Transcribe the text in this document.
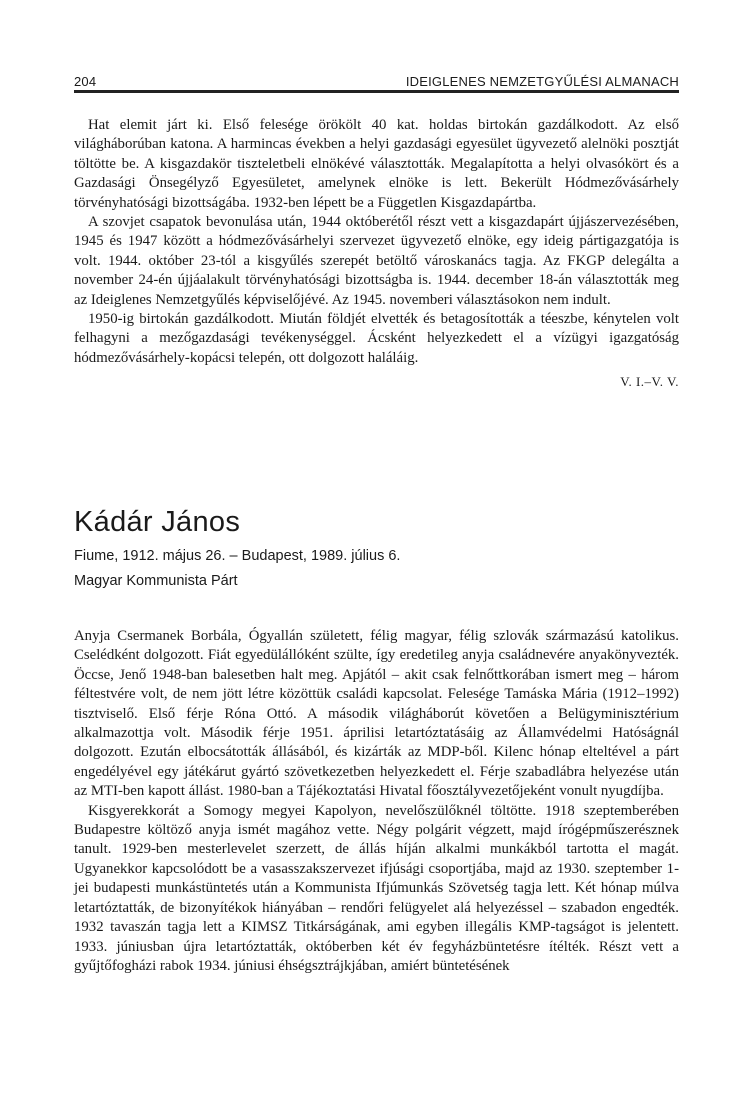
204	IDEIGLENES NEMZETGYŰLÉSI ALMANACH

Hat elemit járt ki. Első felesége örökölt 40 kat. holdas birtokán gazdálkodott. Az első világháborúban katona. A harmincas években a helyi gazdasági egyesület ügyvezető alelnöki posztját töltötte be. A kisgazdakör tiszteletbeli elnökévé választották. Megalapította a helyi olvasókört és a Gazdasági Önsegélyző Egyesületet, amelynek elnöke is lett. Bekerült Hódmezővásárhely törvényhatósági bizottságába. 1932-ben lépett be a Független Kisgazdapártba.

A szovjet csapatok bevonulása után, 1944 októberétől részt vett a kisgazdapárt újjászervezésében, 1945 és 1947 között a hódmezővásárhelyi szervezet ügyvezető elnöke, egy ideig pártigazgatója is volt. 1944. október 23-tól a kisgyűlés szerepét betöltő városkanács tagja. Az FKGP delegálta a november 24-én újjáalakult törvényhatósági bizottságba is. 1944. december 18-án választották meg az Ideiglenes Nemzetgyűlés képviselőjévé. Az 1945. novemberi választásokon nem indult.

1950-ig birtokán gazdálkodott. Miután földjét elvették és betagosították a téeszbe, kénytelen volt felhagyni a mezőgazdasági tevékenységgel. Ácsként helyezkedett el a vízügyi igazgatóság hódmezővásárhely-kopácsi telepén, ott dolgozott haláláig.

V. I.–V. V.
Kádár János
Fiume, 1912. május 26. – Budapest, 1989. július 6.
Magyar Kommunista Párt

Anyja Csermanek Borbála, Ógyallán született, félig magyar, félig szlovák származású katolikus. Cselédként dolgozott. Fiát egyedülállóként szülte, így eredetileg anyja családnevére anyakönyvezték. Öccse, Jenő 1948-ban balesetben halt meg. Apjától – akit csak felnőttkorában ismert meg – három féltestvére volt, de nem jött létre közöttük családi kapcsolat. Felesége Tamáska Mária (1912–1992) tisztviselő. Első férje Róna Ottó. A második világháborút követően a Belügyminisztérium alkalmazottja volt. Második férje 1951. áprilisi letartóztatásáig az Államvédelmi Hatóságnál dolgozott. Ezután elbocsátották állásából, és kizárták az MDP-ből. Kilenc hónap elteltével a párt engedélyével egy játékárut gyártó szövetkezetben helyezkedett el. Férje szabadlábra helyezése után az MTI-ben kapott állást. 1980-ban a Tájékoztatási Hivatal főosztályvezetőjeként vonult nyugdíjba.

Kisgyerekkorát a Somogy megyei Kapolyon, nevelőszülőknél töltötte. 1918 szeptemberében Budapestre költöző anyja ismét magához vette. Négy polgárit végzett, majd írógépműszerésznek tanult. 1929-ben mesterlevelet szerzett, de állás híján alkalmi munkákból tartotta el magát. Ugyanekkor kapcsolódott be a vasasszakszervezet ifjúsági csoportjába, majd az 1930. szeptember 1-jei budapesti munkástüntetés után a Kommunista Ifjúmunkás Szövetség tagja lett. Két hónap múlva letartóztatták, de bizonyítékok hiányában – rendőri felügyelet alá helyezéssel – szabadon engedték. 1932 tavaszán tagja lett a KIMSZ Titkárságának, ami egyben illegális KMP-tagságot is jelentett. 1933. júniusban újra letartóztatták, októberben két év fegyházbüntetésre ítélték. Részt vett a gyűjtőfogházi rabok 1934. júniusi éhségsztrájkjában, amiért büntetésének
